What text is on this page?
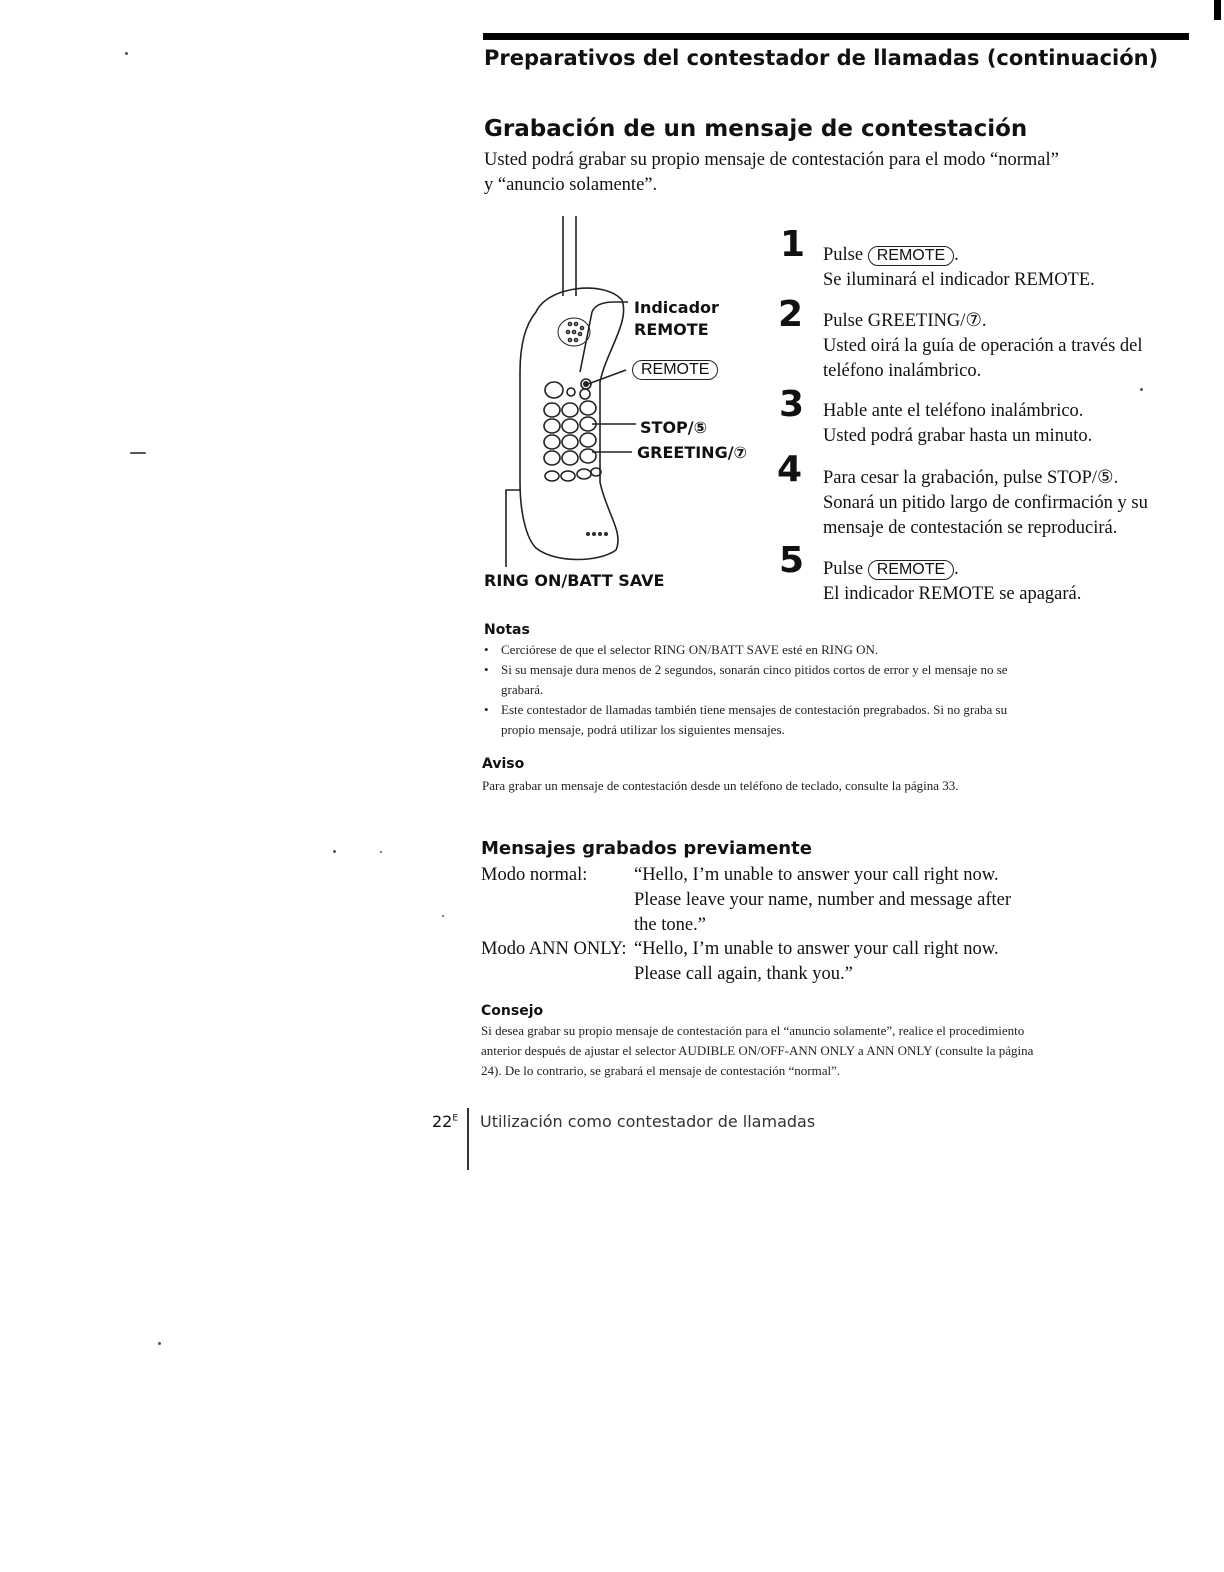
Preparativos del contestador de llamadas (continuación)
Grabación de un mensaje de contestación
Usted podrá grabar su propio mensaje de contestación para el modo “normal” y “anuncio solamente”.
Indicador
REMOTE
REMOTE
STOP/⑤
GREETING/⑦
RING ON/BATT SAVE
1 Pulse REMOTE .
Se iluminará el indicador REMOTE.
2 Pulse GREETING/⑦.
Usted oirá la guía de operación a través del teléfono inalámbrico.
3 Hable ante el teléfono inalámbrico.
Usted podrá grabar hasta un minuto.
4 Para cesar la grabación, pulse STOP/⑤.
Sonará un pitido largo de confirmación y su mensaje de contestación se reproducirá.
5 Pulse REMOTE .
El indicador REMOTE se apagará.
Notas
• Cerciórese de que el selector RING ON/BATT SAVE esté en RING ON.
• Si su mensaje dura menos de 2 segundos, sonarán cinco pitidos cortos de error y el mensaje no se grabará.
• Este contestador de llamadas también tiene mensajes de contestación pregrabados. Si no graba su propio mensaje, podrá utilizar los siguientes mensajes.
Aviso
Para grabar un mensaje de contestación desde un teléfono de teclado, consulte la página 33.
Mensajes grabados previamente
Modo normal:	“Hello, I’m unable to answer your call right now. Please leave your name, number and message after the tone.”
Modo ANN ONLY: “Hello, I’m unable to answer your call right now. Please call again, thank you.”
Consejo
Si desea grabar su propio mensaje de contestación para el “anuncio solamente”, realice el procedimiento anterior después de ajustar el selector AUDIBLE ON/OFF-ANN ONLY a ANN ONLY (consulte la página 24). De lo contrario, se grabará el mensaje de contestación “normal”.
$22^E$ Utilización como contestador de llamadas
